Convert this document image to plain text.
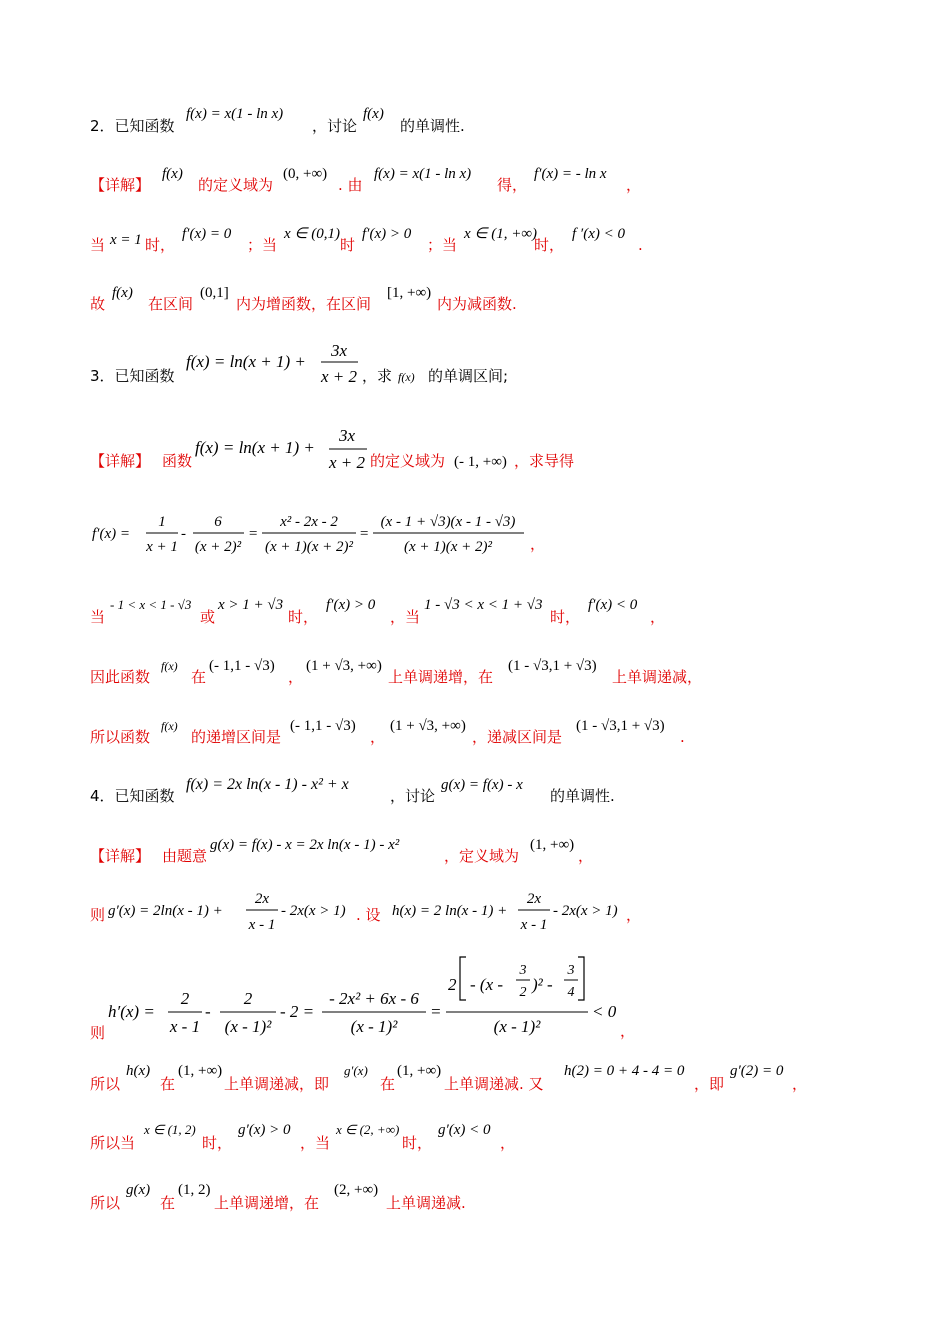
2．已知函数
f(x) = x(1 - ln x)
，讨论
f(x)
的单调性.
【详解】
f(x)
的定义域为
(0, +∞)
. 由
f(x) = x(1 - ln x)
得，
f′(x) = - ln x
，
当 x = 1 时，
f′(x) = 0
；当
x ∈ (0,1)
时
f′(x) > 0
；当
x ∈ (1, +∞)
时，
f ′(x) < 0
.
故
f(x)
在区间
(0,1]
内为增函数，在区间
[1, +∞)
内为减函数.
3．已知函数
f(x) = ln(x + 1) +
3x
x + 2 ，求 f(x) 的单调区间;
【详解】 函数
f(x) = ln(x + 1) +
3x
x + 2 的定义域为 (- 1, +∞) ，求导得
f′(x) =
1
x + 1
-
6
(x + 2)²
=
x² - 2x - 2
(x + 1)(x + 2)²
=
(x - 1 + √3)(x - 1 - √3)
(x + 1)(x + 2)²	，
当
- 1 < x < 1 - √3
或
x > 1 + √3
时，
f′(x) > 0
，当
1 - √3 < x < 1 + √3
时，
f′(x) < 0
，
因此函数
f(x)
在
(- 1,1 - √3)
，
(1 + √3, +∞)
上单调递增，在
(1 - √3,1 + √3)
上单调递减，
所以函数
f(x)
的递增区间是
(- 1,1 - √3)
，
(1 + √3, +∞)
，递减区间是
(1 - √3,1 + √3)
.
4．已知函数
f(x) = 2x ln(x - 1) - x² + x
，讨论
g(x) = f(x) - x
的单调性.
【详解】 由题意
g(x) = f(x) - x = 2x ln(x - 1) - x²
，定义域为
(1, +∞)
，
则 g′(x) = 2ln(x - 1) +
2x
x - 1
- 2x(x > 1) . 设 h(x) = 2 ln(x - 1) +
2x
x - 1
- 2x(x > 1) ，
则
h′(x) =
2
x - 1
-
2
(x - 1)²
- 2 =
- 2x² + 6x - 6
(x - 1)²
=
2 - (x -
3
2 )² -
3
4
(x - 1)²
< 0
，
所以
h(x)
在
(1, +∞)
上单调递减，即
g′(x)
在
(1, +∞)
上单调递减. 又
h(2) = 0 + 4 - 4 = 0
，即
g′(2) = 0
，
所以当
x ∈ (1, 2)
时，
g′(x) > 0
，当
x ∈ (2, +∞)
时，
g′(x) < 0
，
所以
g(x)
在
(1, 2)
上单调递增，在
(2, +∞)
上单调递减.
